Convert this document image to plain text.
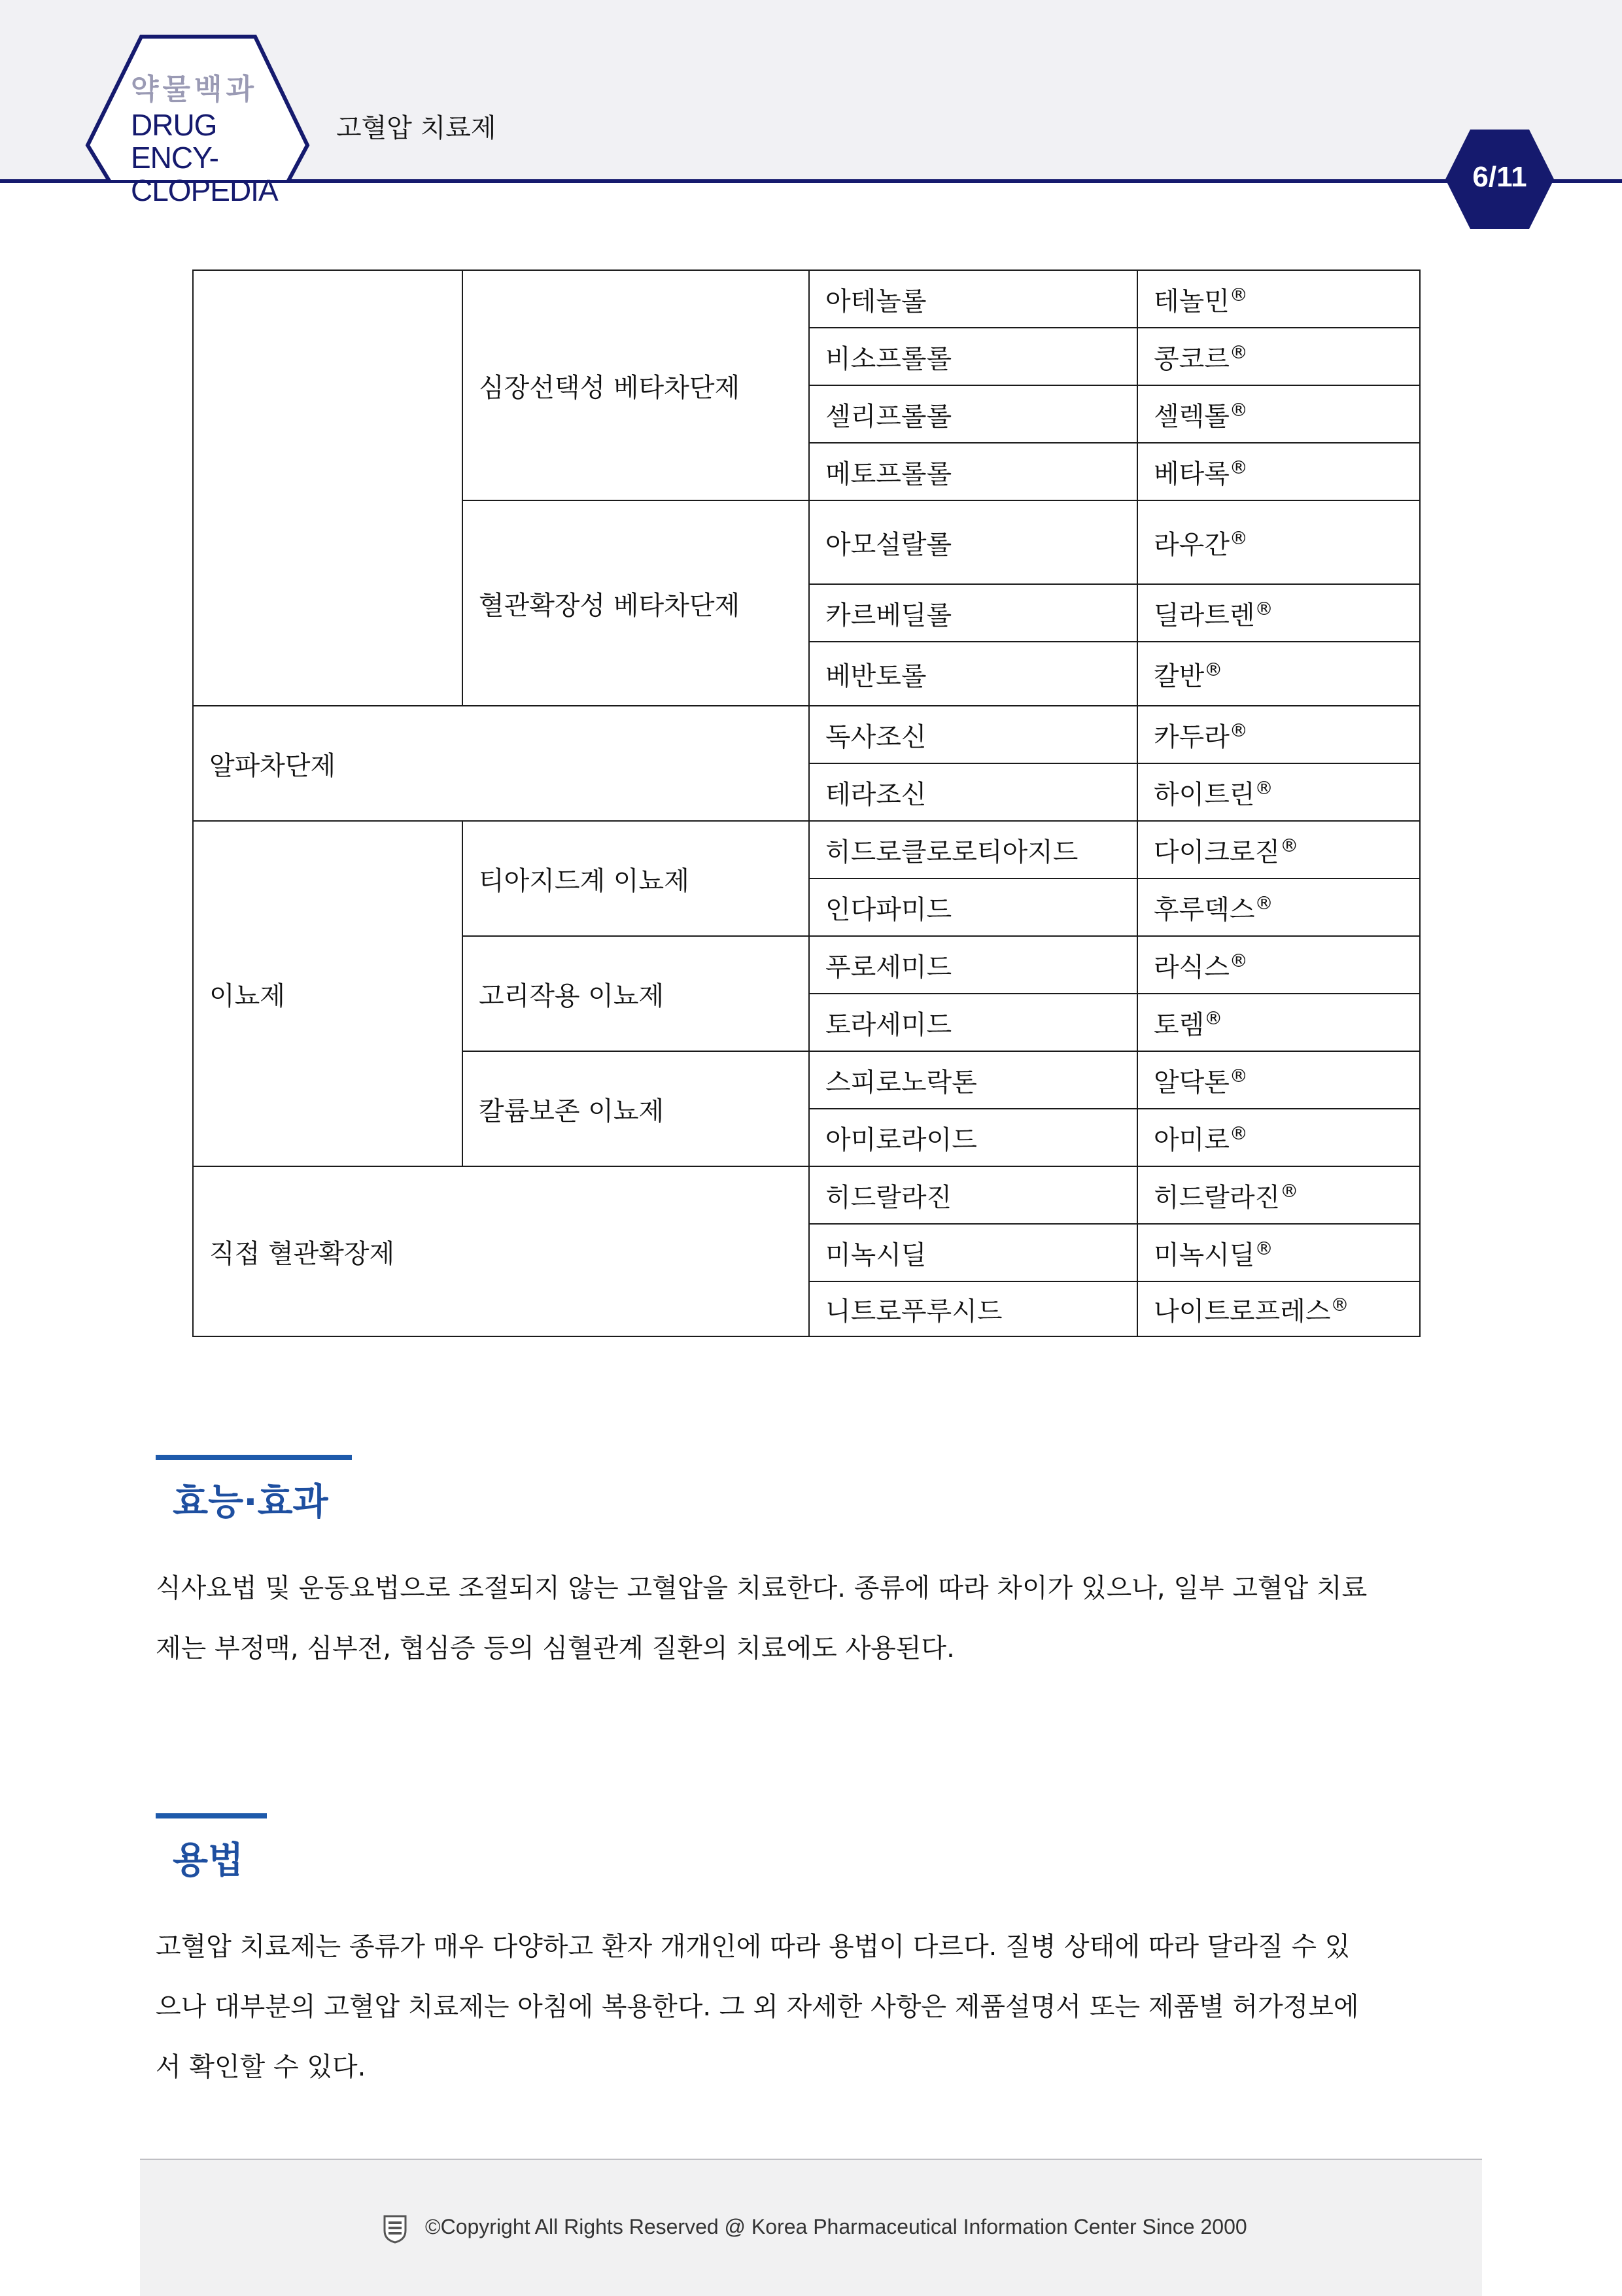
약물백과
DRUG ENCY-
CLOPEDIA
고혈압 치료제
6/11
	심장선택성 베타차단제	아테놀롤	테놀민®
		비소프롤롤	콩코르®
		셀리프롤롤	셀렉톨®
		메토프롤롤	베타록®
	혈관확장성 베타차단제	아모설랄롤	라우간®
		카르베딜롤	딜라트렌®
		베반토롤	칼반®
알파차단제		독사조신	카두라®
		테라조신	하이트린®
이뇨제	티아지드계 이뇨제	히드로클로로티아지드	다이크로짇®
		인다파미드	후루덱스®
	고리작용 이뇨제	푸로세미드	라식스®
		토라세미드	토렘®
	칼륨보존 이뇨제	스피로노락톤	알닥톤®
		아미로라이드	아미로®
직접 혈관확장제		히드랄라진	히드랄라진®
		미녹시딜	미녹시딜®
		니트로푸루시드	나이트로프레스®
효능·효과
식사요법 및 운동요법으로 조절되지 않는 고혈압을 치료한다. 종류에 따라 차이가 있으나, 일부 고혈압 치료
제는 부정맥, 심부전, 협심증 등의 심혈관계 질환의 치료에도 사용된다.
용법
고혈압 치료제는 종류가 매우 다양하고 환자 개개인에 따라 용법이 다르다. 질병 상태에 따라 달라질 수 있
으나 대부분의 고혈압 치료제는 아침에 복용한다. 그 외 자세한 사항은 제품설명서 또는 제품별 허가정보에
서 확인할 수 있다.
©Copyright All Rights Reserved @ Korea Pharmaceutical Information Center Since 2000
